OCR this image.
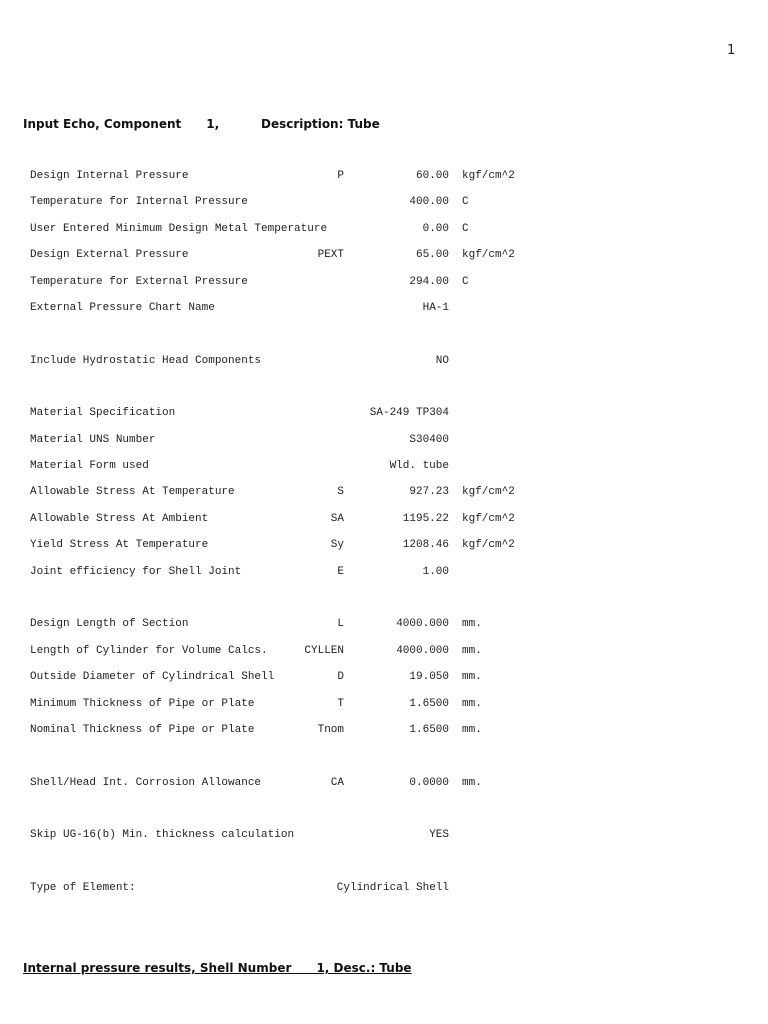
1
Input Echo, Component      1,          Description: Tube
Design Internal Pressure	P	60.00 kgf/cm^2
Temperature for Internal Pressure	400.00 C
User Entered Minimum Design Metal Temperature	0.00 C
Design External Pressure	PEXT	65.00 kgf/cm^2
Temperature for External Pressure	294.00 C
External Pressure Chart Name	HA-1
Include Hydrostatic Head Components	NO
Material Specification	SA-249 TP304
Material UNS Number	S30400
Material Form used	Wld. tube
Allowable Stress At Temperature	S	927.23 kgf/cm^2
Allowable Stress At Ambient	SA	1195.22 kgf/cm^2
Yield Stress At Temperature	Sy	1208.46 kgf/cm^2
Joint efficiency for Shell Joint	E	1.00
Design Length of Section	L	4000.000 mm.
Length of Cylinder for Volume Calcs.	CYLLEN	4000.000 mm.
Outside Diameter of Cylindrical Shell	D	19.050 mm.
Minimum Thickness of Pipe or Plate	T	1.6500 mm.
Nominal Thickness of Pipe or Plate	Tnom	1.6500 mm.
Shell/Head Int. Corrosion Allowance	CA	0.0000 mm.
Skip UG-16(b) Min. thickness calculation	YES
Type of Element:	Cylindrical Shell
Internal pressure results, Shell Number      1, Desc.: Tube
